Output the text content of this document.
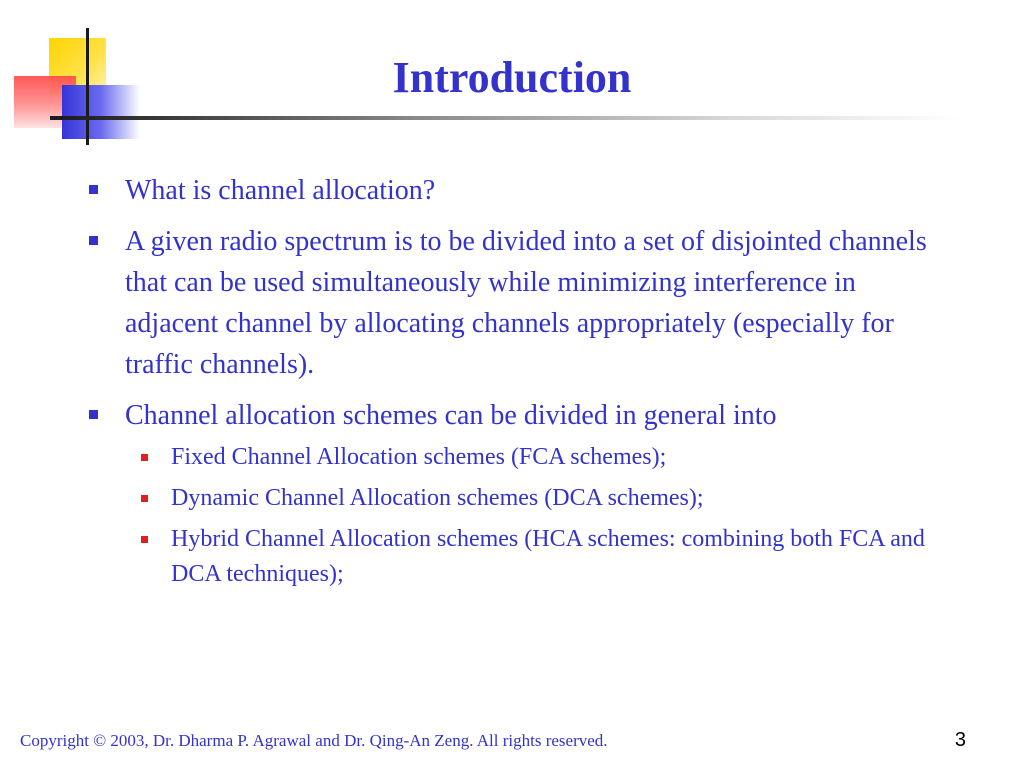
Introduction
What is channel allocation?
A given radio spectrum is to be divided into a set of disjointed channels that can be used simultaneously while minimizing interference in adjacent channel by allocating channels appropriately (especially for traffic channels).
Channel allocation schemes can be divided in general into
Fixed Channel Allocation schemes (FCA schemes);
Dynamic Channel Allocation schemes (DCA schemes);
Hybrid Channel Allocation schemes (HCA schemes: combining both FCA and DCA techniques);
Copyright © 2003, Dr. Dharma P. Agrawal and Dr. Qing-An Zeng. All rights reserved.	3
